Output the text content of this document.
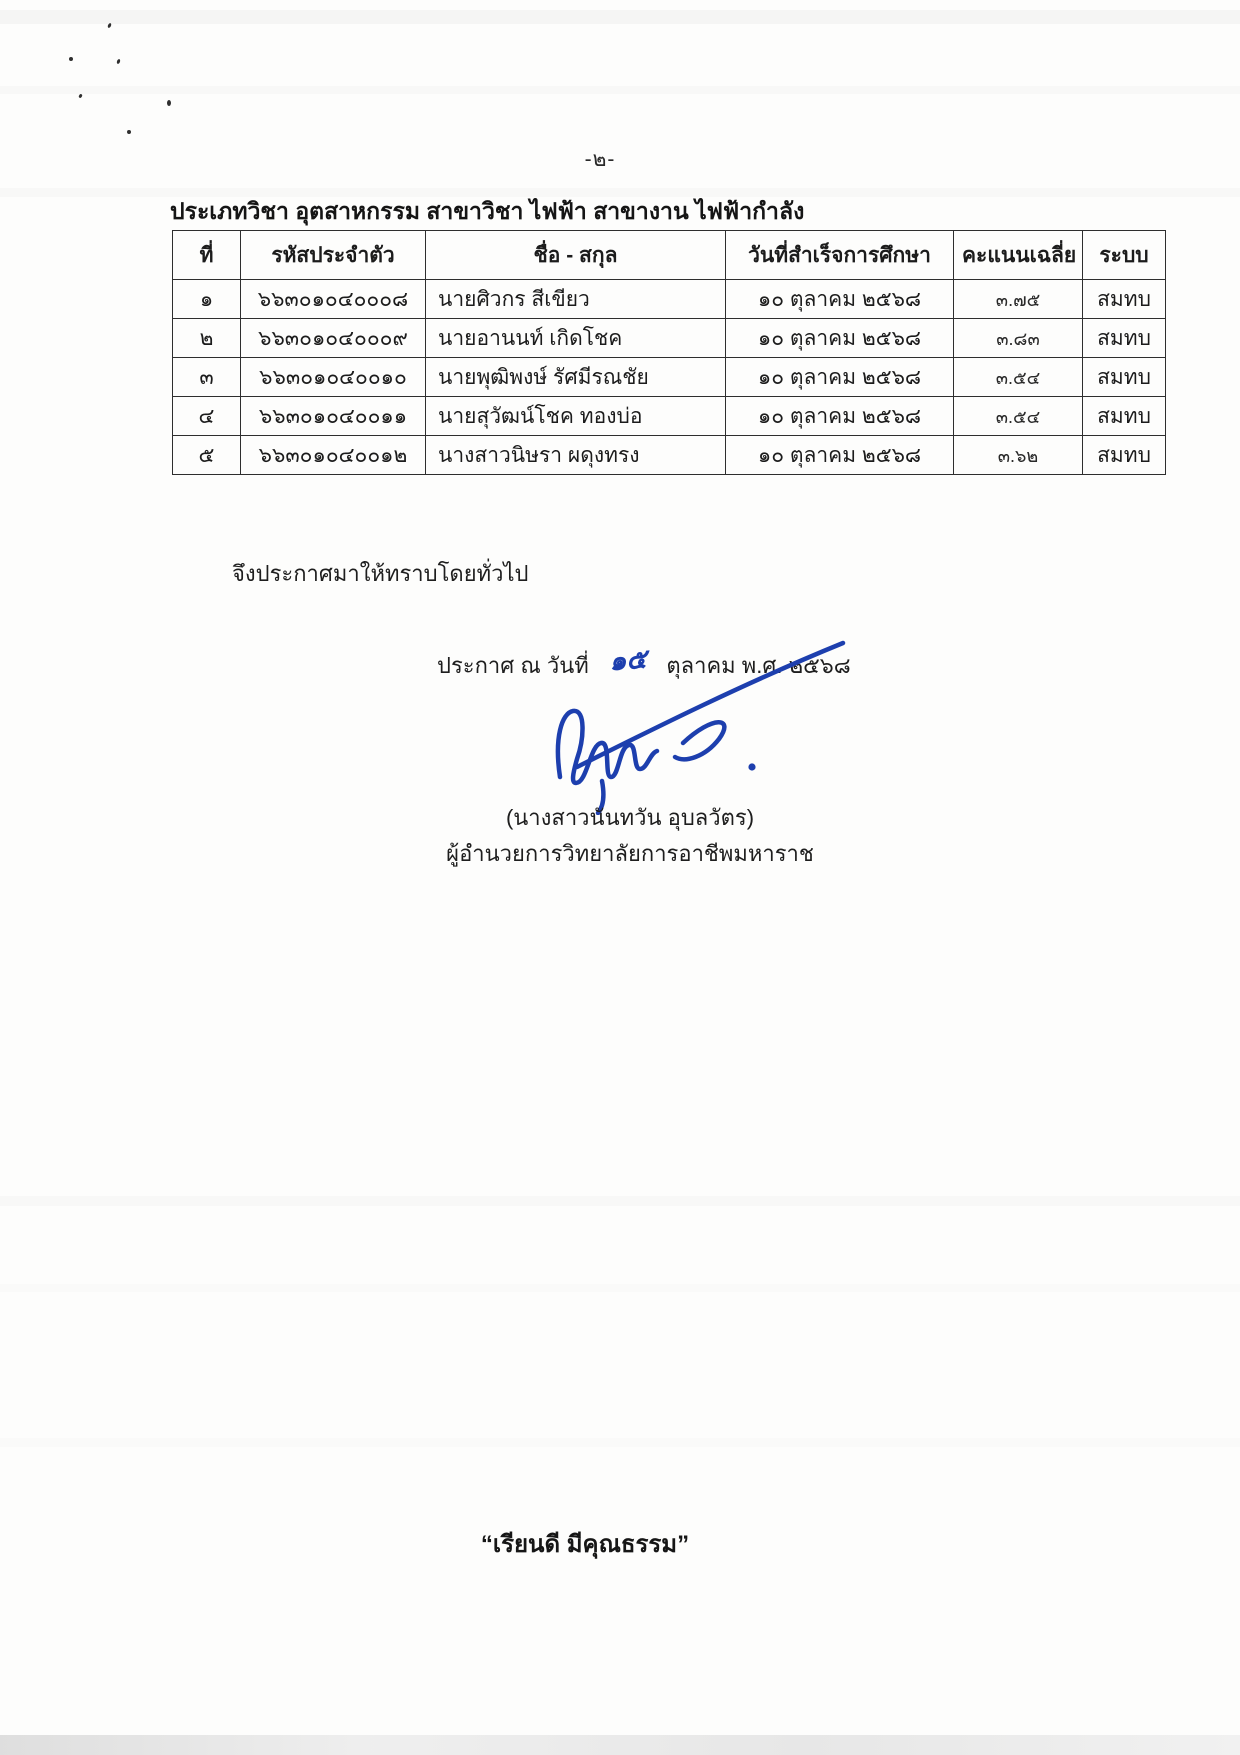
-๒-
ประเภทวิชา อุตสาหกรรม สาขาวิชา ไฟฟ้า สาขางาน ไฟฟ้ากำลัง
ที่	รหัสประจำตัว	ชื่อ - สกุล	วันที่สำเร็จการศึกษา	คะแนนเฉลี่ย	ระบบ
๑	๖๖๓๐๑๐๔๐๐๐๘	นายศิวกร สีเขียว	๑๐ ตุลาคม ๒๕๖๘	๓.๗๕	สมทบ
๒	๖๖๓๐๑๐๔๐๐๐๙	นายอานนท์ เกิดโชค	๑๐ ตุลาคม ๒๕๖๘	๓.๘๓	สมทบ
๓	๖๖๓๐๑๐๔๐๐๑๐	นายพุฒิพงษ์ รัศมีรณชัย	๑๐ ตุลาคม ๒๕๖๘	๓.๕๔	สมทบ
๔	๖๖๓๐๑๐๔๐๐๑๑	นายสุวัฒน์โชค ทองบ่อ	๑๐ ตุลาคม ๒๕๖๘	๓.๕๔	สมทบ
๕	๖๖๓๐๑๐๔๐๐๑๒	นางสาวนิษรา ผดุงทรง	๑๐ ตุลาคม ๒๕๖๘	๓.๖๒	สมทบ
จึงประกาศมาให้ทราบโดยทั่วไป
ประกาศ ณ วันที่ ๑๕ ตุลาคม พ.ศ. ๒๕๖๘
(นางสาวนันทวัน อุบลวัตร)
ผู้อำนวยการวิทยาลัยการอาชีพมหาราช
“เรียนดี มีคุณธรรม”
